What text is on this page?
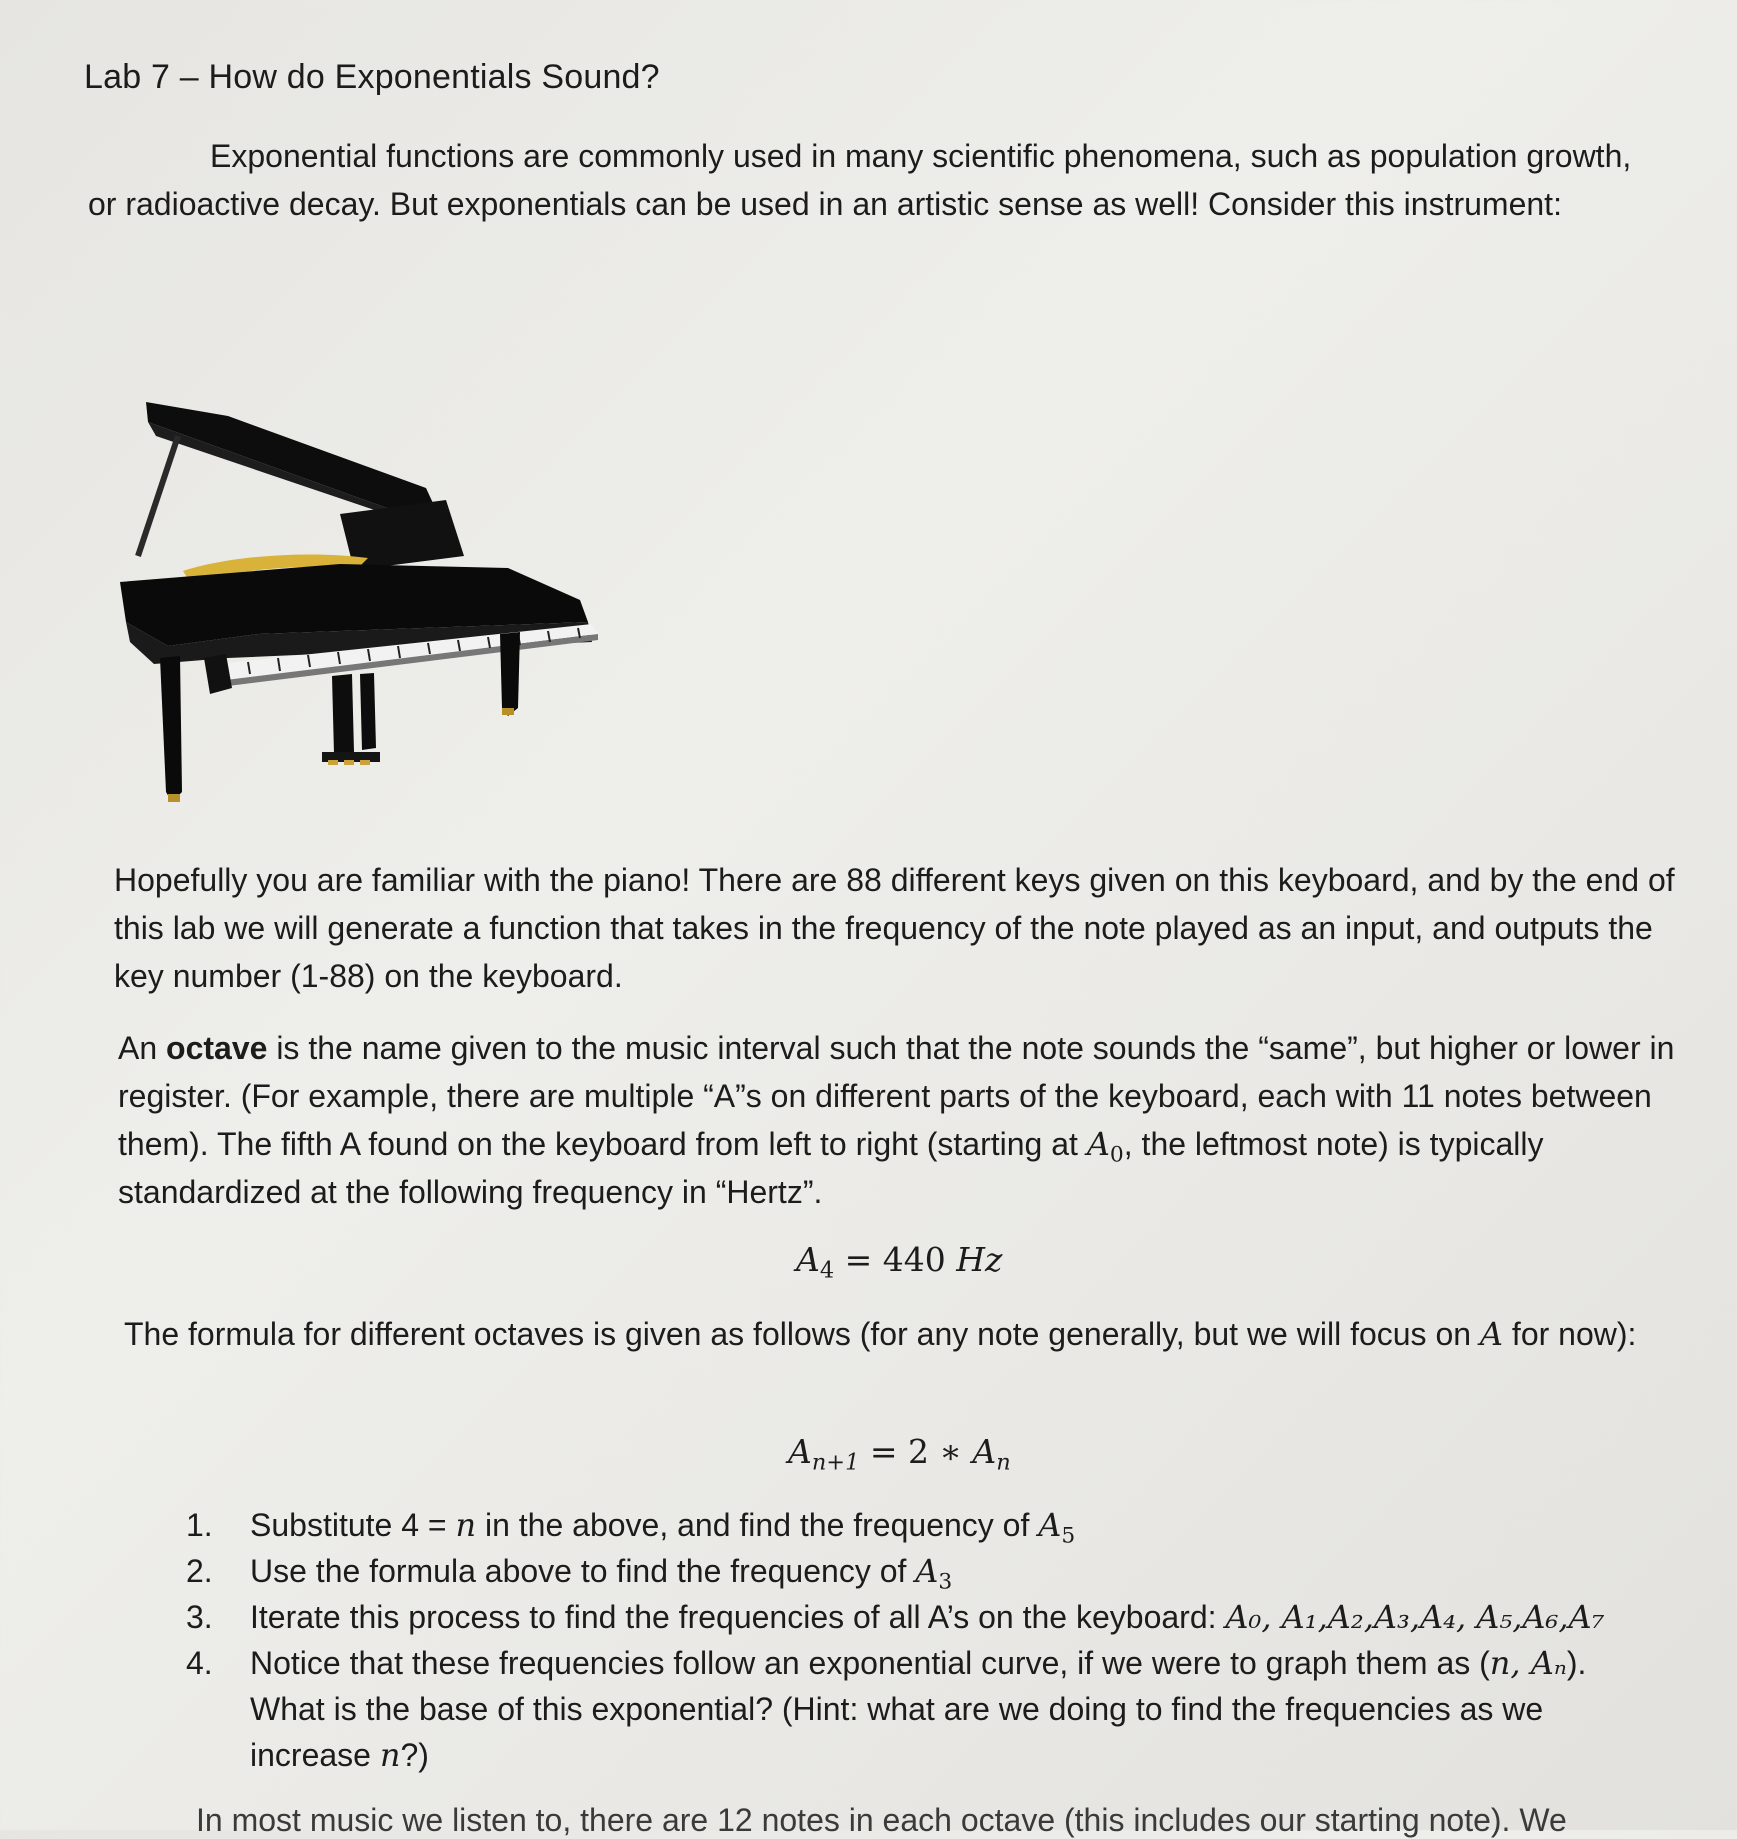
Lab 7 – How do Exponentials Sound?

Exponential functions are commonly used in many scientific phenomena, such as population growth, or radioactive decay. But exponentials can be used in an artistic sense as well! Consider this instrument:

Hopefully you are familiar with the piano! There are 88 different keys given on this keyboard, and by the end of this lab we will generate a function that takes in the frequency of the note played as an input, and outputs the key number (1-88) on the keyboard.

An octave is the name given to the music interval such that the note sounds the “same”, but higher or lower in register. (For example, there are multiple “A”s on different parts of the keyboard, each with 11 notes between them). The fifth A found on the keyboard from left to right (starting at $A_0$, the leftmost note) is typically standardized at the following frequency in “Hertz”.

$A_4 = 440$ Hz

The formula for different octaves is given as follows (for any note generally, but we will focus on A for now):

$A_{n+1} = 2$ ∗ $A_n$
1. Substitute 4 = n in the above, and find the frequency of $A_5$
2. Use the formula above to find the frequency of $A_3$
3. Iterate this process to find the frequencies of all A’s on the keyboard: A₀, A₁,A₂,A₃,A₄, A₅,A₆,A₇
4. Notice that these frequencies follow an exponential curve, if we were to graph them as (n, Aₙ). What is the base of this exponential? (Hint: what are we doing to find the frequencies as we increase n?)
In most music we listen to, there are 12 notes in each octave (this includes our starting note). We
